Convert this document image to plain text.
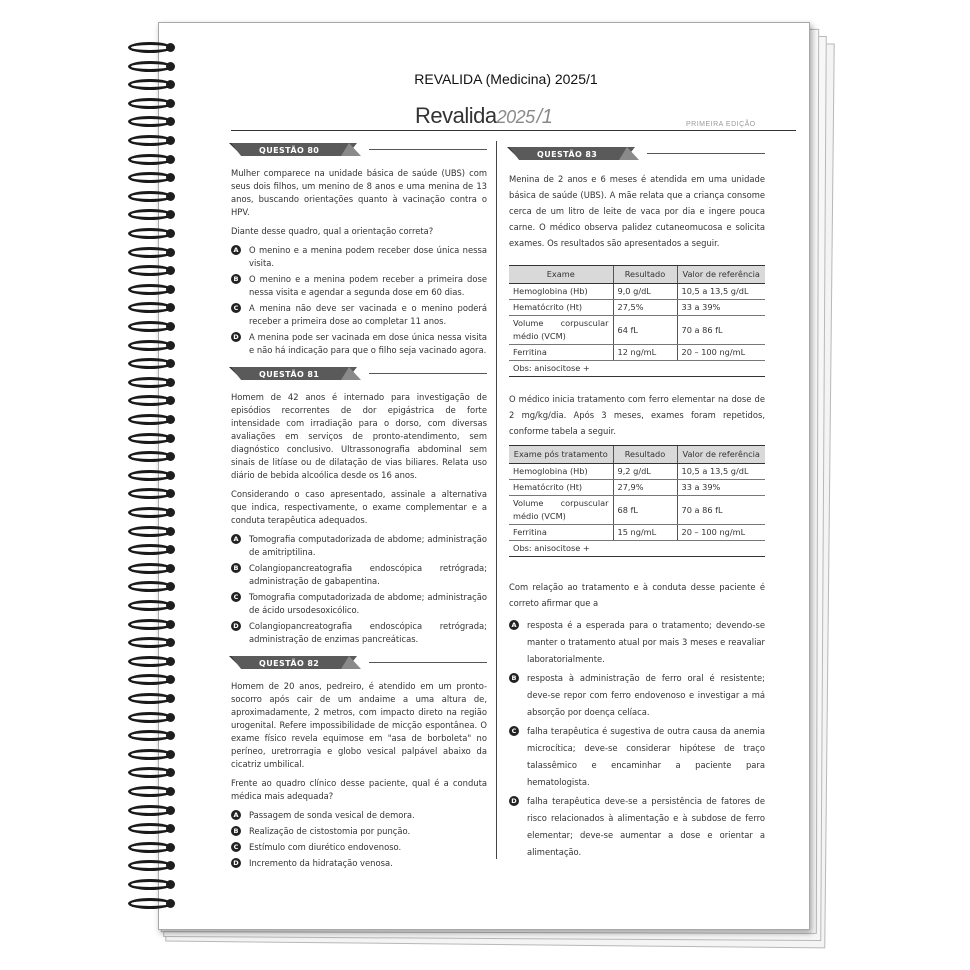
REVALIDA (Medicina) 2025/1
Revalida2025 /1	PRIMEIRA EDIÇÃO
QUESTÃO 80

Mulher comparece na unidade básica de saúde (UBS) com seus dois filhos, um menino de 8 anos e uma menina de 13 anos, buscando orientações quanto à vacinação contra o HPV.

Diante desse quadro, qual a orientação correta?

A O menino e a menina podem receber dose única nessa visita.
B O menino e a menina podem receber a primeira dose nessa visita e agendar a segunda dose em 60 dias.
C	A menina não deve ser vacinada e o menino poderá receber a primeira dose ao completar 11 anos.
D A menina pode ser vacinada em dose única nessa visita e não há indicação para que o filho seja vacinado agora.
QUESTÃO 81

Homem de 42 anos é internado para investigação de episódios recorrentes de dor epigástrica de forte intensidade com irradiação para o dorso, com diversas avaliações em serviços de pronto-atendimento, sem diagnóstico conclusivo. Ultrassonografia abdominal sem sinais de litíase ou de dilatação de vias biliares. Relata uso diário de bebida alcoólica desde os 16 anos.

Considerando o caso apresentado, assinale a alternativa que indica, respectivamente, o exame complementar e a conduta terapêutica adequados.

A Tomografia computadorizada de abdome; administração de amitriptilina.
B Colangiopancreatografia endoscópica retrógrada; administração de gabapentina.
C	Tomografia computadorizada de abdome; administração de ácido ursodesoxicólico.
D Colangiopancreatografia endoscópica retrógrada; administração de enzimas pancreáticas.
QUESTÃO 82

Homem de 20 anos, pedreiro, é atendido em um pronto-socorro após cair de um andaime a uma altura de, aproximadamente, 2 metros, com impacto direto na região urogenital. Refere impossibilidade de micção espontânea. O exame físico revela equimose em "asa de borboleta" no períneo, uretrorragia e globo vesical palpável abaixo da cicatriz umbilical.

Frente ao quadro clínico desse paciente, qual é a conduta médica mais adequada?

A Passagem de sonda vesical de demora.
B Realização de cistostomia por punção.
C	Estímulo com diurético endovenoso.
D Incremento da hidratação venosa.
QUESTÃO 83

Menina de 2 anos e 6 meses é atendida em uma unidade básica de saúde (UBS). A mãe relata que a criança consome cerca de um litro de leite de vaca por dia e ingere pouca carne. O médico observa palidez cutaneomucosa e solicita exames. Os resultados são apresentados a seguir.

Exame	Resultado	Valor de referência
Hemoglobina (Hb)	9,0 g/dL	10,5 a 13,5 g/dL
Hematócrito (Ht)	27,5%	33 a 39%
Volume corpuscular médio (VCM)	64 fL	70 a 86 fL
Ferritina	12 ng/mL	20 – 100 ng/mL
Obs: anisocitose +		

O médico inicia tratamento com ferro elementar na dose de 2 mg/kg/dia. Após 3 meses, exames foram repetidos, conforme tabela a seguir.

Exame pós tratamento	Resultado	Valor de referência
Hemoglobina (Hb)	9,2 g/dL	10,5 a 13,5 g/dL
Hematócrito (Ht)	27,9%	33 a 39%
Volume corpuscular médio (VCM)	68 fL	70 a 86 fL
Ferritina	15 ng/mL	20 – 100 ng/mL
Obs: anisocitose +		

Com relação ao tratamento e à conduta desse paciente é correto afirmar que a

A resposta é a esperada para o tratamento; devendo-se manter o tratamento atual por mais 3 meses e reavaliar laboratorialmente.
B resposta à administração de ferro oral é resistente; deve-se repor com ferro endovenoso e investigar a má absorção por doença celíaca.
C	falha terapêutica é sugestiva de outra causa da anemia microcítica; deve-se considerar hipótese de traço talassêmico e encaminhar a paciente para hematologista.
D falha terapêutica deve-se a persistência de fatores de risco relacionados à alimentação e à subdose de ferro elementar; deve-se aumentar a dose e orientar a alimentação.
